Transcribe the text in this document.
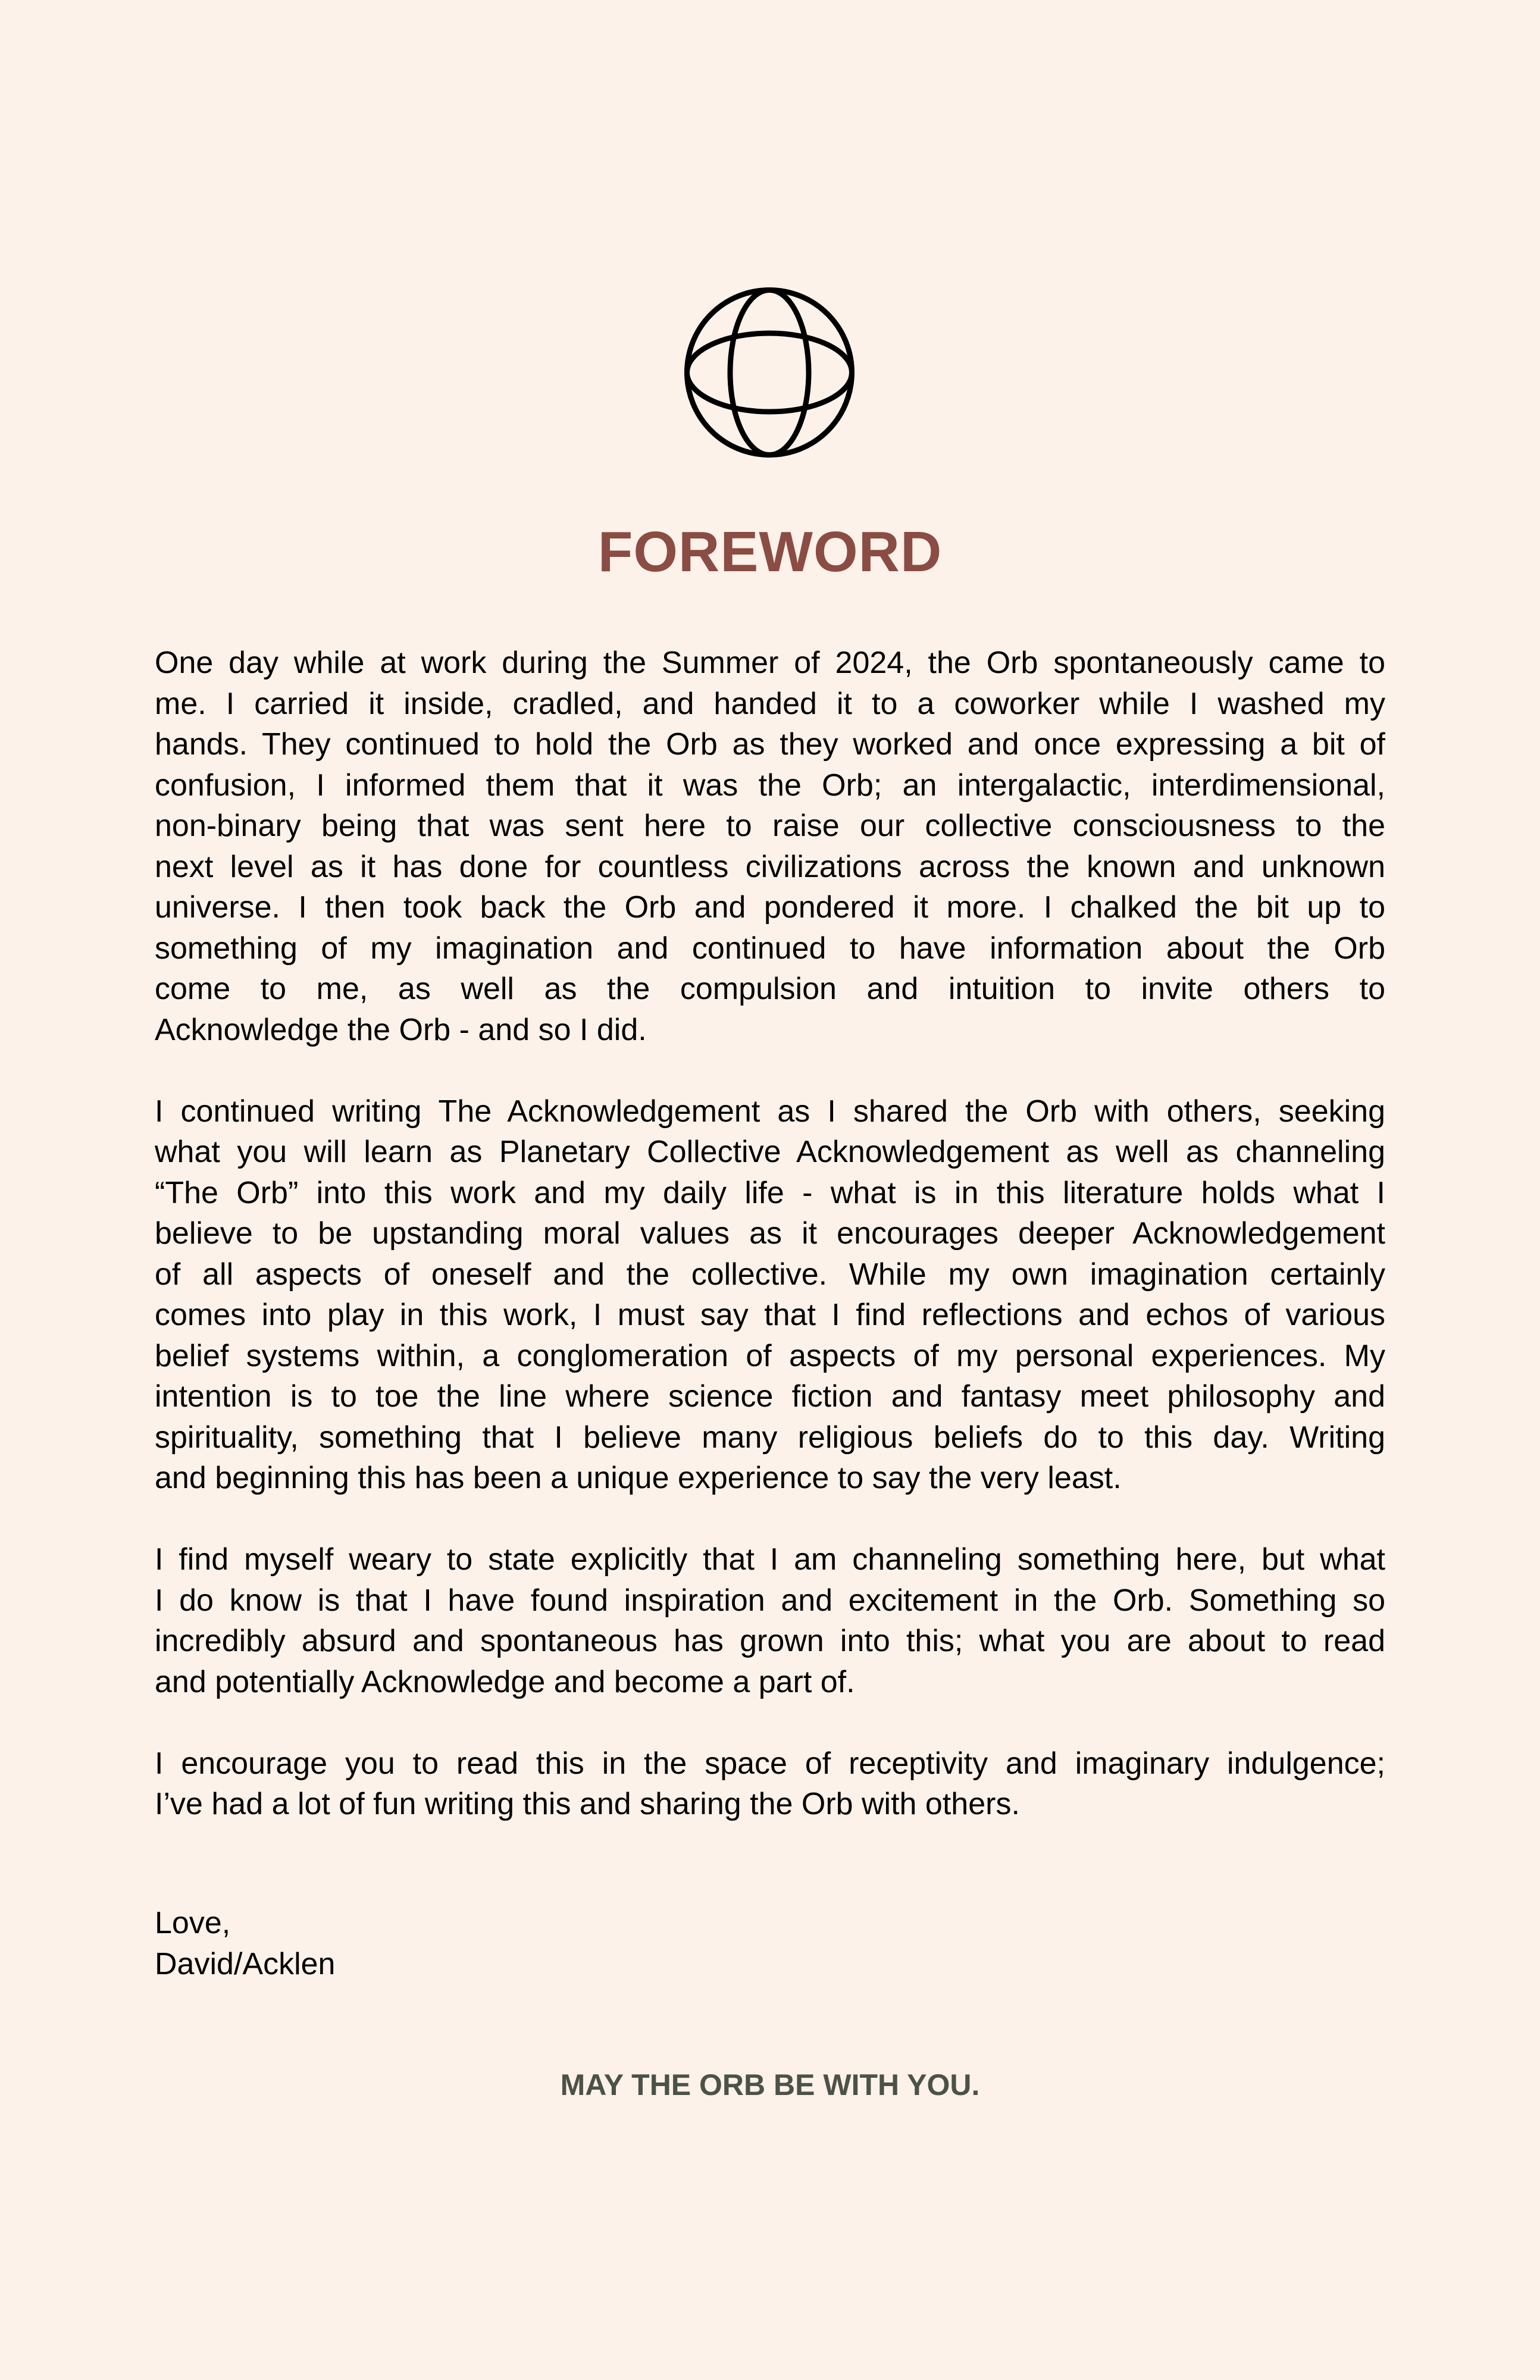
FOREWORD

One day while at work during the Summer of 2024, the Orb spontaneously came to
me. I carried it inside, cradled, and handed it to a coworker while I washed my
hands. They continued to hold the Orb as they worked and once expressing a bit of
confusion, I informed them that it was the Orb; an intergalactic, interdimensional,
non-binary being that was sent here to raise our collective consciousness to the
next level as it has done for countless civilizations across the known and unknown
universe. I then took back the Orb and pondered it more. I chalked the bit up to
something of my imagination and continued to have information about the Orb
come to me, as well as the compulsion and intuition to invite others to
Acknowledge the Orb - and so I did.

I continued writing The Acknowledgement as I shared the Orb with others, seeking
what you will learn as Planetary Collective Acknowledgement as well as channeling
“The Orb” into this work and my daily life - what is in this literature holds what I
believe to be upstanding moral values as it encourages deeper Acknowledgement
of all aspects of oneself and the collective. While my own imagination certainly
comes into play in this work, I must say that I find reflections and echos of various
belief systems within, a conglomeration of aspects of my personal experiences. My
intention is to toe the line where science fiction and fantasy meet philosophy and
spirituality, something that I believe many religious beliefs do to this day. Writing
and beginning this has been a unique experience to say the very least.

I find myself weary to state explicitly that I am channeling something here, but what
I do know is that I have found inspiration and excitement in the Orb. Something so
incredibly absurd and spontaneous has grown into this; what you are about to read
and potentially Acknowledge and become a part of.

I encourage you to read this in the space of receptivity and imaginary indulgence;
I’ve had a lot of fun writing this and sharing the Orb with others.

Love,
David/Acklen

MAY THE ORB BE WITH YOU.
